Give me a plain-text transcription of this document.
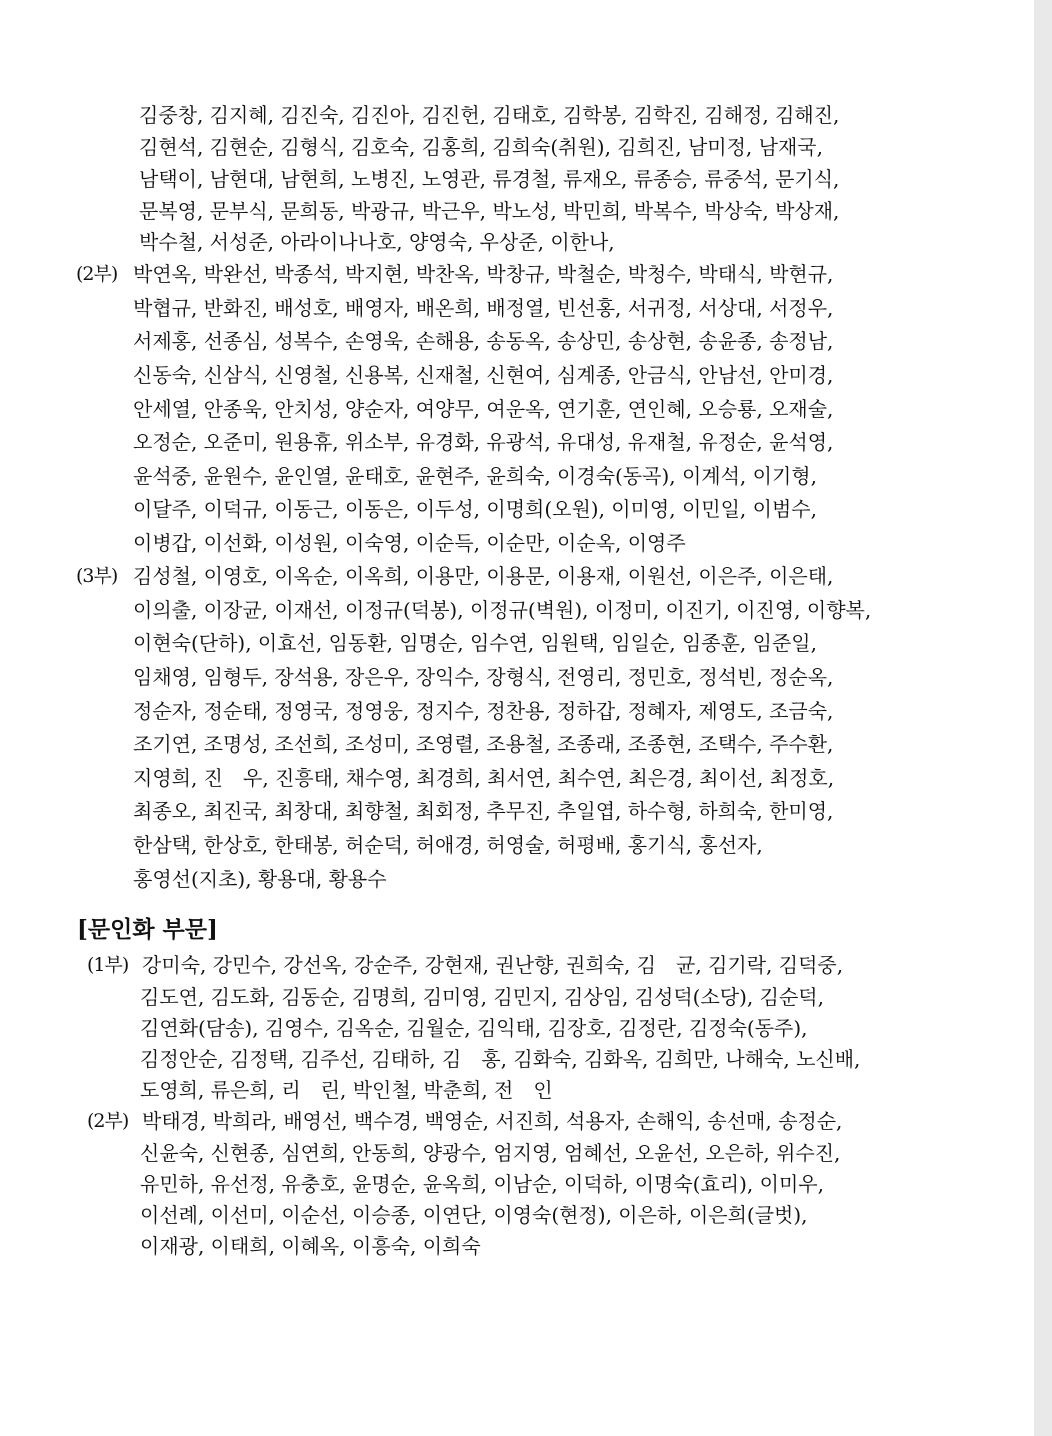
김중창, 김지혜, 김진숙, 김진아, 김진헌, 김태호, 김학봉, 김학진, 김해정, 김해진,
김현석, 김현순, 김형식, 김호숙, 김홍희, 김희숙(취원), 김희진, 남미정, 남재국,
남택이, 남현대, 남현희, 노병진, 노영관, 류경철, 류재오, 류종승, 류중석, 문기식,
문복영, 문부식, 문희동, 박광규, 박근우, 박노성, 박민희, 박복수, 박상숙, 박상재,
박수철, 서성준, 아라이나나호, 양영숙, 우상준, 이한나,
(2부) 박연옥, 박완선, 박종석, 박지현, 박찬옥, 박창규, 박철순, 박청수, 박태식, 박현규,
박협규, 반화진, 배성호, 배영자, 배온희, 배정열, 빈선홍, 서귀정, 서상대, 서정우,
서제홍, 선종심, 성복수, 손영욱, 손해용, 송동옥, 송상민, 송상현, 송윤종, 송정남,
신동숙, 신삼식, 신영철, 신용복, 신재철, 신현여, 심계종, 안금식, 안남선, 안미경,
안세열, 안종욱, 안치성, 양순자, 여양무, 여운옥, 연기훈, 연인혜, 오승룡, 오재술,
오정순, 오준미, 원용휴, 위소부, 유경화, 유광석, 유대성, 유재철, 유정순, 윤석영,
윤석중, 윤원수, 윤인열, 윤태호, 윤현주, 윤희숙, 이경숙(동곡), 이계석, 이기형,
이달주, 이덕규, 이동근, 이동은, 이두성, 이명희(오원), 이미영, 이민일, 이범수,
이병갑, 이선화, 이성원, 이숙영, 이순득, 이순만, 이순옥, 이영주
(3부) 김성철, 이영호, 이옥순, 이옥희, 이용만, 이용문, 이용재, 이원선, 이은주, 이은태,
이의출, 이장균, 이재선, 이정규(덕봉), 이정규(벽원), 이정미, 이진기, 이진영, 이향복,
이현숙(단하), 이효선, 임동환, 임명순, 임수연, 임원택, 임일순, 임종훈, 임준일,
임채영, 임형두, 장석용, 장은우, 장익수, 장형식, 전영리, 정민호, 정석빈, 정순옥,
정순자, 정순태, 정영국, 정영웅, 정지수, 정찬용, 정하갑, 정혜자, 제영도, 조금숙,
조기연, 조명성, 조선희, 조성미, 조영렬, 조용철, 조종래, 조종현, 조택수, 주수환,
지영희, 진　우, 진흥태, 채수영, 최경희, 최서연, 최수연, 최은경, 최이선, 최정호,
최종오, 최진국, 최창대, 최향철, 최회정, 추무진, 추일엽, 하수형, 하희숙, 한미영,
한삼택, 한상호, 한태봉, 허순덕, 허애경, 허영술, 허평배, 홍기식, 홍선자,
홍영선(지초), 황용대, 황용수
[문인화 부문]
(1부) 강미숙, 강민수, 강선옥, 강순주, 강현재, 권난향, 권희숙, 김　균, 김기락, 김덕중,
김도연, 김도화, 김동순, 김명희, 김미영, 김민지, 김상임, 김성덕(소당), 김순덕,
김연화(담송), 김영수, 김옥순, 김월순, 김익태, 김장호, 김정란, 김정숙(동주),
김정안순, 김정택, 김주선, 김태하, 김　홍, 김화숙, 김화옥, 김희만, 나해숙, 노신배,
도영희, 류은희, 리　린, 박인철, 박춘희, 전　인
(2부) 박태경, 박희라, 배영선, 백수경, 백영순, 서진희, 석용자, 손해익, 송선매, 송정순,
신윤숙, 신현종, 심연희, 안동희, 양광수, 엄지영, 엄혜선, 오윤선, 오은하, 위수진,
유민하, 유선정, 유충호, 윤명순, 윤옥희, 이남순, 이덕하, 이명숙(효리), 이미우,
이선례, 이선미, 이순선, 이승종, 이연단, 이영숙(현정), 이은하, 이은희(글벗),
이재광, 이태희, 이혜옥, 이흥숙, 이희숙
